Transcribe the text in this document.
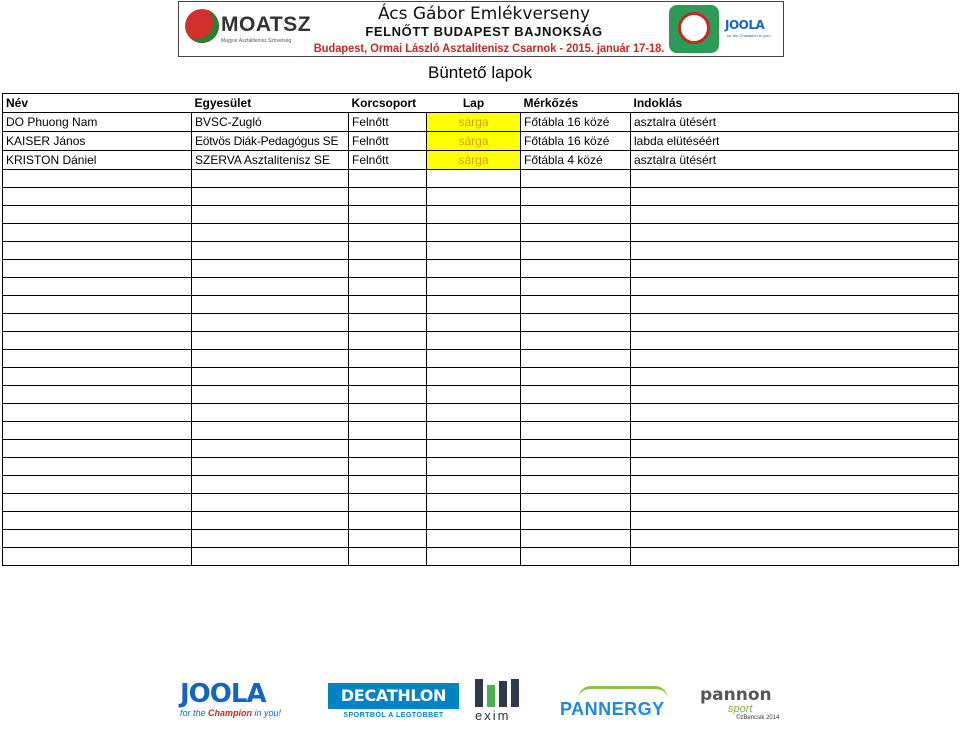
MOATSZ
Magyar Asztalitenisz Szövetség
Ács Gábor Emlékverseny
FELNŐTT BUDAPEST BAJNOKSÁG
Budapest, Ormai László Asztalitenisz Csarnok - 2015. január 17-18.
JOOLA
for the Champion in you!
Büntető lapok
Név	Egyesület	Korcsoport	Lap	Mérkőzés	Indoklás
DO Phuong Nam	BVSC-Zugló	Felnőtt	sárga	Főtábla 16 közé	asztalra ütésért
KAISER János	Eötvös Diák-Pedagógus SE	Felnőtt	sárga	Főtábla 16 közé	labda elütéséért
KRISTON Dániel	SZERVA Asztalitenisz SE	Felnőtt	sárga	Főtábla 4 közé	asztalra ütésért

JOOLA
for the Champion in you!
DECATHLON
SPORTBÓL A LEGTÖBBET	exim	PANNERGY
pannon
sport
©zBencsik 2014
